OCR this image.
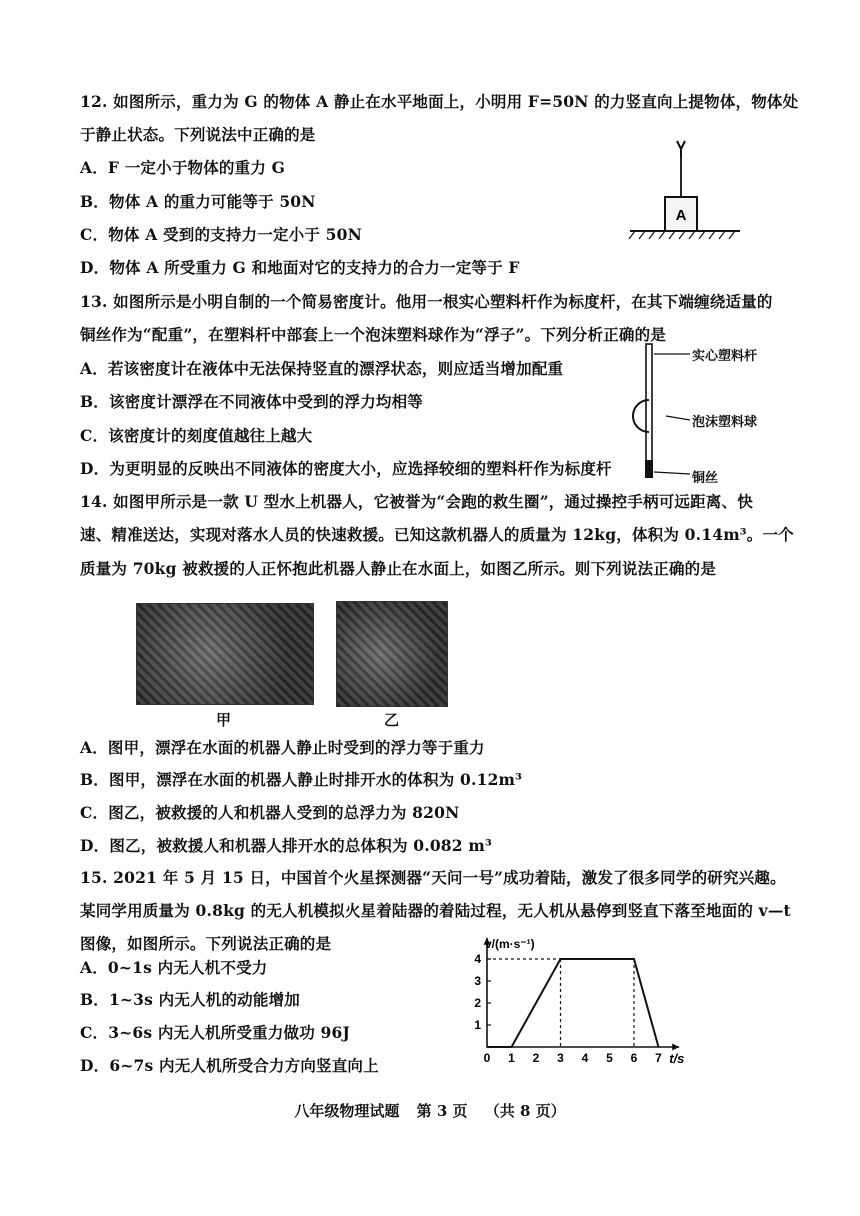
12. 如图所示，重力为 G 的物体 A 静止在水平地面上，小明用 F=50N 的力竖直向上提物体，物体处
于静止状态。下列说法中正确的是
A．F 一定小于物体的重力 G
B．物体 A 的重力可能等于 50N
C．物体 A 受到的支持力一定小于 50N
D．物体 A 所受重力 G 和地面对它的支持力的合力一定等于 F
A
13. 如图所示是小明自制的一个简易密度计。他用一根实心塑料杆作为标度杆，在其下端缠绕适量的
铜丝作为“配重”，在塑料杆中部套上一个泡沫塑料球作为“浮子”。下列分析正确的是
A．若该密度计在液体中无法保持竖直的漂浮状态，则应适当增加配重
B．该密度计漂浮在不同液体中受到的浮力均相等
C．该密度计的刻度值越往上越大
D．为更明显的反映出不同液体的密度大小，应选择较细的塑料杆作为标度杆
实心塑料杆
泡沫塑料球
铜丝
14. 如图甲所示是一款 U 型水上机器人，它被誉为“会跑的救生圈”，通过操控手柄可远距离、快
速、精准送达，实现对落水人员的快速救援。已知这款机器人的质量为 12kg，体积为 0.14m³。一个
质量为 70kg 被救援的人正怀抱此机器人静止在水面上，如图乙所示。则下列说法正确的是
甲	乙
A．图甲，漂浮在水面的机器人静止时受到的浮力等于重力
B．图甲，漂浮在水面的机器人静止时排开水的体积为 0.12m³
C．图乙，被救援的人和机器人受到的总浮力为 820N
D．图乙，被救援人和机器人排开水的总体积为 0.082 m³
15. 2021 年 5 月 15 日，中国首个火星探测器“天问一号”成功着陆，激发了很多同学的研究兴趣。
某同学用质量为 0.8kg 的无人机模拟火星着陆器的着陆过程，无人机从悬停到竖直下落至地面的 v—t
图像，如图所示。下列说法正确的是
A．0~1s 内无人机不受力
B．1~3s 内无人机的动能增加
C．3~6s 内无人机所受重力做功 96J
D．6~7s 内无人机所受合力方向竖直向上	0 1 2 3 4 5 6 7
1
2
3
4
v/(m·s⁻¹)
t/s
八年级物理试题 第 3 页 （共 8 页）
